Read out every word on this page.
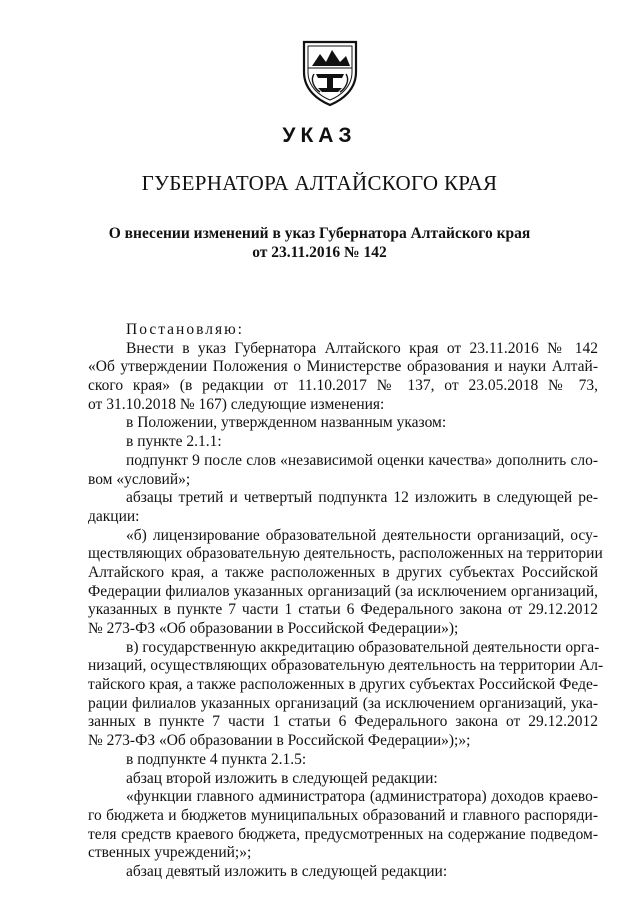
УКАЗ
ГУБЕРНАТОРА АЛТАЙСКОГО КРАЯ
О внесении изменений в указ Губернатора Алтайского края
от 23.11.2016 № 142
Постановляю:
Внести в указ Губернатора Алтайского края от 23.11.2016 № 142
«Об утверждении Положения о Министерстве образования и науки Алтай-
ского края» (в редакции от 11.10.2017 № 137, от 23.05.2018 № 73,
от 31.10.2018 № 167) следующие изменения:
в Положении, утвержденном названным указом:
в пункте 2.1.1:
подпункт 9 после слов «независимой оценки качества» дополнить сло-
вом «условий»;
абзацы третий и четвертый подпункта 12 изложить в следующей ре-
дакции:
«б) лицензирование образовательной деятельности организаций, осу-
ществляющих образовательную деятельность, расположенных на территории
Алтайского края, а также расположенных в других субъектах Российской
Федерации филиалов указанных организаций (за исключением организаций,
указанных в пункте 7 части 1 статьи 6 Федерального закона от 29.12.2012
№ 273-ФЗ «Об образовании в Российской Федерации»);
в) государственную аккредитацию образовательной деятельности орга-
низаций, осуществляющих образовательную деятельность на территории Ал-
тайского края, а также расположенных в других субъектах Российской Феде-
рации филиалов указанных организаций (за исключением организаций, ука-
занных в пункте 7 части 1 статьи 6 Федерального закона от 29.12.2012
№ 273-ФЗ «Об образовании в Российской Федерации»);»;
в подпункте 4 пункта 2.1.5:
абзац второй изложить в следующей редакции:
«функции главного администратора (администратора) доходов краево-
го бюджета и бюджетов муниципальных образований и главного распоряди-
теля средств краевого бюджета, предусмотренных на содержание подведом-
ственных учреждений;»;
абзац девятый изложить в следующей редакции:
